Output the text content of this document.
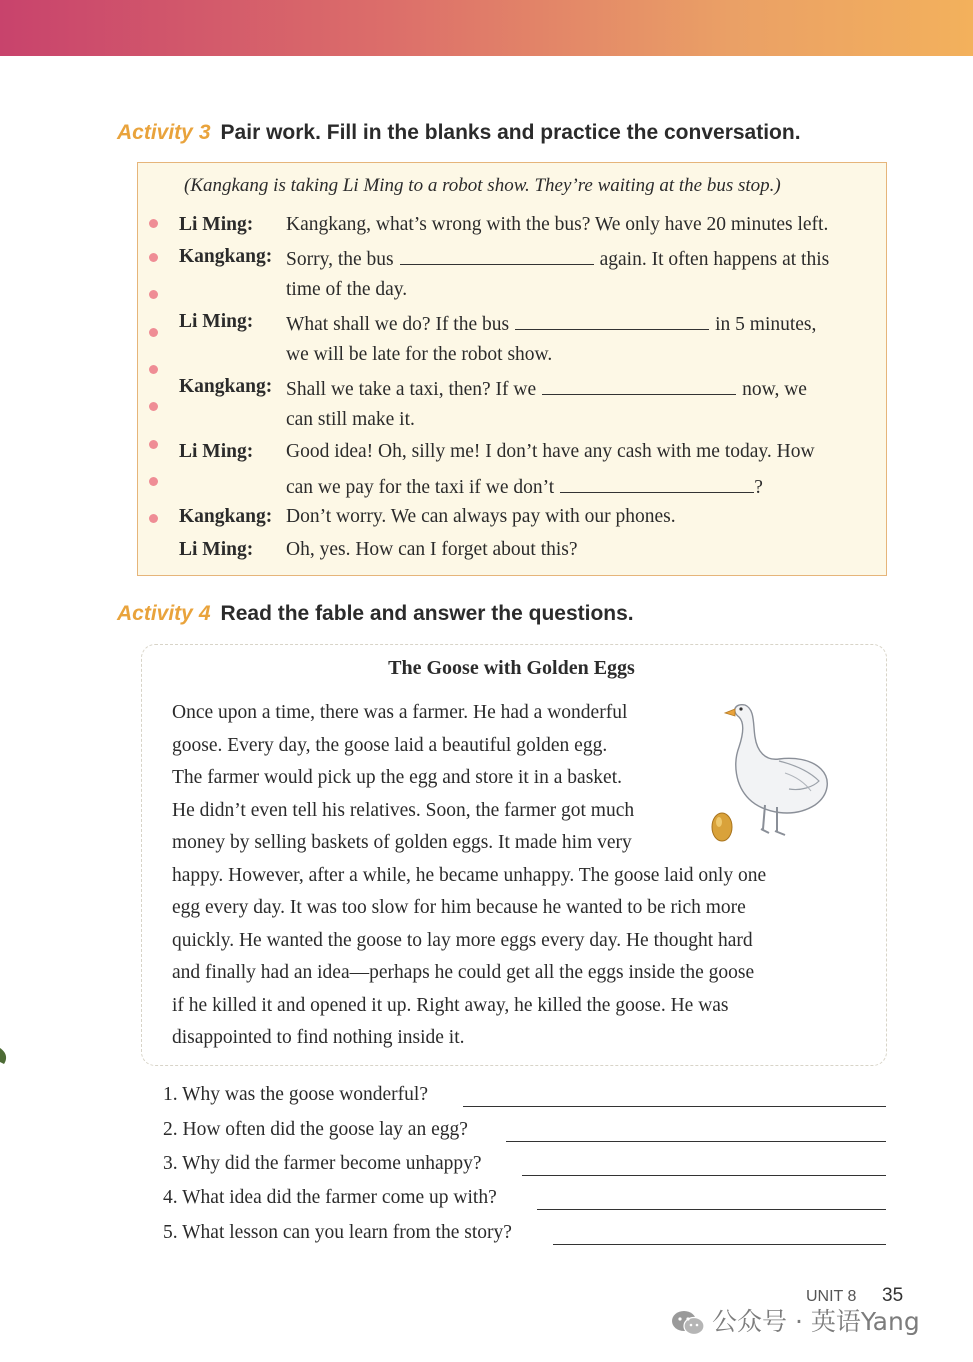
Activity 3 Pair work. Fill in the blanks and practice the conversation.
(Kangkang is taking Li Ming to a robot show. They’re waiting at the bus stop.)
Li Ming: Kangkang, what’s wrong with the bus? We only have 20 minutes left.
Kangkang: Sorry, the bus	again. It often happens at this
time of the day.
Li Ming: What shall we do? If the bus	in 5 minutes,
we will be late for the robot show.
Kangkang: Shall we take a taxi, then? If we	now, we
can still make it.
Li Ming: Good idea! Oh, silly me! I don’t have any cash with me today. How
can we pay for the taxi if we don’t	?
Kangkang: Don’t worry. We can always pay with our phones.
Li Ming: Oh, yes. How can I forget about this?
Activity 4 Read the fable and answer the questions.
The Goose with Golden Eggs
Once upon a time, there was a farmer. He had a wonderful
goose. Every day, the goose laid a beautiful golden egg.
The farmer would pick up the egg and store it in a basket.
He didn’t even tell his relatives. Soon, the farmer got much
money by selling baskets of golden eggs. It made him very
happy. However, after a while, he became unhappy. The goose laid only one
egg every day. It was too slow for him because he wanted to be rich more
quickly. He wanted the goose to lay more eggs every day. He thought hard
and finally had an idea—perhaps he could get all the eggs inside the goose
if he killed it and opened it up. Right away, he killed the goose. He was
disappointed to find nothing inside it.
1. Why was the goose wonderful?
2. How often did the goose lay an egg?
3. Why did the farmer become unhappy?
4. What idea did the farmer come up with?
5. What lesson can you learn from the story?
UNIT 8 35
公众号 · 英语Yang
